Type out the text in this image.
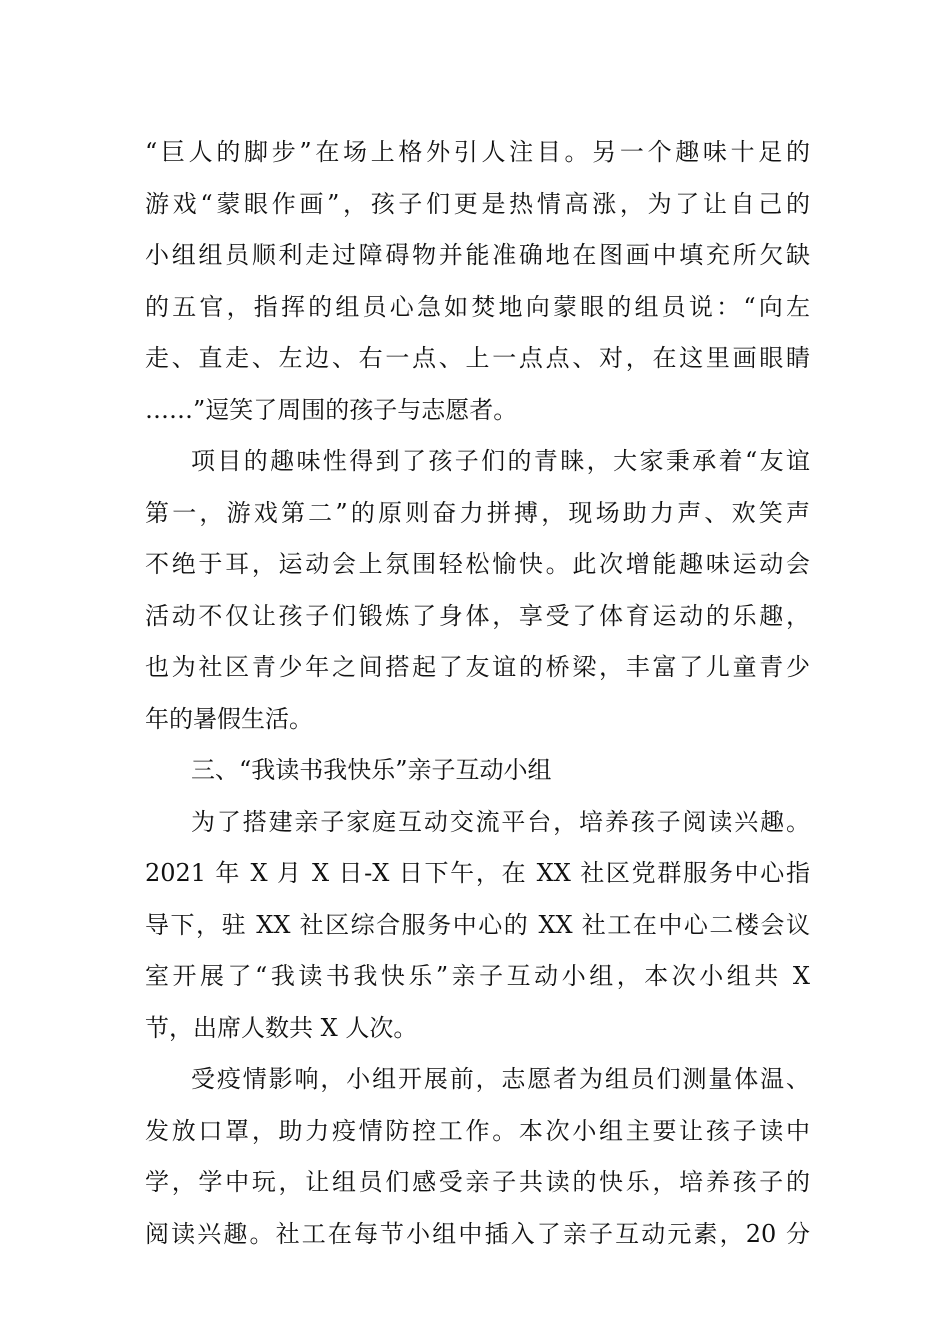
“巨人的脚步”在场上格外引人注目。另一个趣味十足的
游戏“蒙眼作画”，孩子们更是热情高涨，为了让自己的
小组组员顺利走过障碍物并能准确地在图画中填充所欠缺
的五官，指挥的组员心急如焚地向蒙眼的组员说：“向左
走、直走、左边、右一点、上一点点、对，在这里画眼睛
……”逗笑了周围的孩子与志愿者。
项目的趣味性得到了孩子们的青睐，大家秉承着“友谊
第一，游戏第二”的原则奋力拼搏，现场助力声、欢笑声
不绝于耳，运动会上氛围轻松愉快。此次增能趣味运动会
活动不仅让孩子们锻炼了身体，享受了体育运动的乐趣，
也为社区青少年之间搭起了友谊的桥梁，丰富了儿童青少
年的暑假生活。
三、“我读书我快乐”亲子互动小组
为了搭建亲子家庭互动交流平台，培养孩子阅读兴趣。
2021 年 X 月 X 日-X 日下午，在 XX 社区党群服务中心指
导下，驻 XX 社区综合服务中心的 XX 社工在中心二楼会议
室开展了“我读书我快乐”亲子互动小组，本次小组共 X
节，出席人数共 X 人次。
受疫情影响，小组开展前，志愿者为组员们测量体温、
发放口罩，助力疫情防控工作。本次小组主要让孩子读中
学，学中玩，让组员们感受亲子共读的快乐，培养孩子的
阅读兴趣。社工在每节小组中插入了亲子互动元素，20 分
